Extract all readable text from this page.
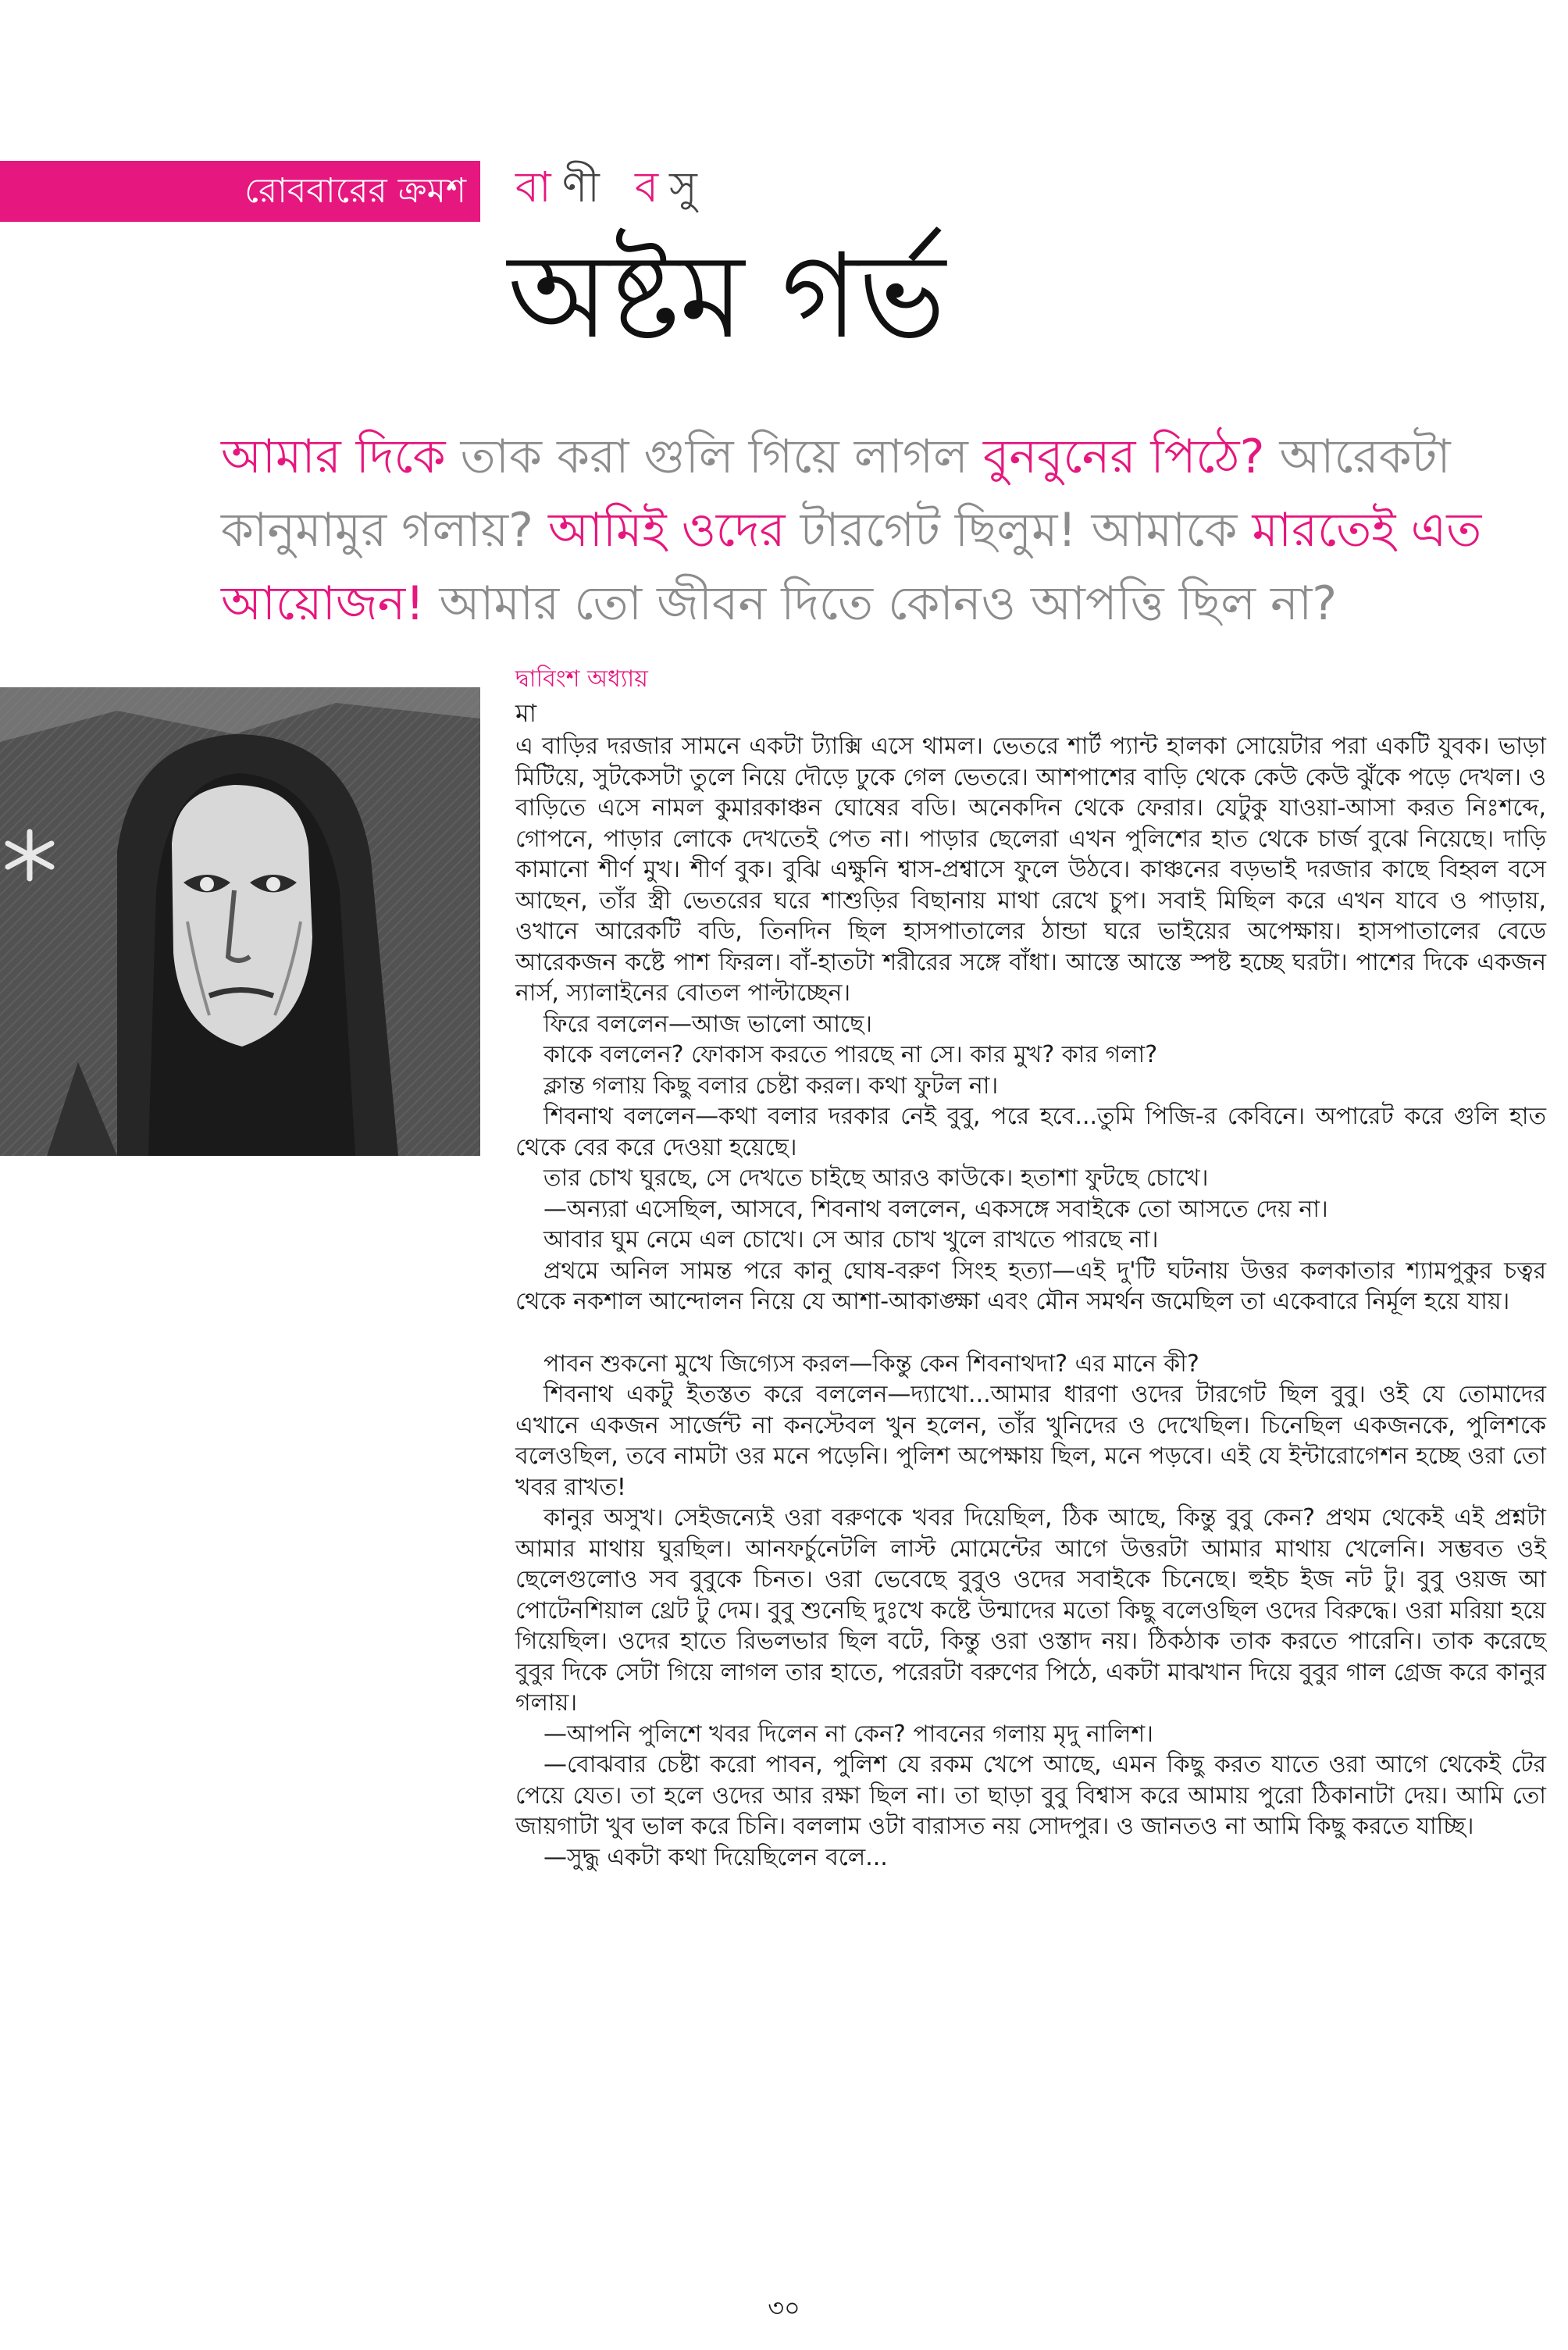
রোববারের ক্রমশ বাণী বসু
অষ্টম গর্ভ
আমার দিকে তাক করা গুলি গিয়ে লাগল বুনবুনের পিঠে? আরেকটা কানুমামুর গলায়? আমিই ওদের টারগেট ছিলুম! আমাকে মারতেই এত আয়োজন! আমার তো জীবন দিতে কোনও আপত্তি ছিল না?
দ্বাবিংশ অধ্যায়
মা

এ বাড়ির দরজার সামনে একটা ট্যাক্সি এসে থামল। ভেতরে শার্ট প্যান্ট হালকা সোয়েটার পরা একটি যুবক। ভাড়া মিটিয়ে, সুটকেসটা তুলে নিয়ে দৌড়ে ঢুকে গেল ভেতরে। আশপাশের বাড়ি থেকে কেউ কেউ ঝুঁকে পড়ে দেখল। ও বাড়িতে এসে নামল কুমারকাঞ্চন ঘোষের বডি। অনেকদিন থেকে ফেরার। যেটুকু যাওয়া-আসা করত নিঃশব্দে, গোপনে, পাড়ার লোকে দেখতেই পেত না। পাড়ার ছেলেরা এখন পুলিশের হাত থেকে চার্জ বুঝে নিয়েছে। দাড়ি কামানো শীর্ণ মুখ। শীর্ণ বুক। বুঝি এক্ষুনি শ্বাস-প্রশ্বাসে ফুলে উঠবে। কাঞ্চনের বড়ভাই দরজার কাছে বিহ্বল বসে আছেন, তাঁর স্ত্রী ভেতরের ঘরে শাশুড়ির বিছানায় মাথা রেখে চুপ। সবাই মিছিল করে এখন যাবে ও পাড়ায়, ওখানে আরেকটি বডি, তিনদিন ছিল হাসপাতালের ঠান্ডা ঘরে ভাইয়ের অপেক্ষায়। হাসপাতালের বেডে আরেকজন কষ্টে পাশ ফিরল। বাঁ-হাতটা শরীরের সঙ্গে বাঁধা। আস্তে আস্তে স্পষ্ট হচ্ছে ঘরটা। পাশের দিকে একজন নার্স, স্যালাইনের বোতল পাল্টাচ্ছেন।

ফিরে বললেন—আজ ভালো আছে।

কাকে বললেন? ফোকাস করতে পারছে না সে। কার মুখ? কার গলা?

ক্লান্ত গলায় কিছু বলার চেষ্টা করল। কথা ফুটল না।

শিবনাথ বললেন—কথা বলার দরকার নেই বুবু, পরে হবে...তুমি পিজি-র কেবিনে। অপারেট করে গুলি হাত থেকে বের করে দেওয়া হয়েছে।

তার চোখ ঘুরছে, সে দেখতে চাইছে আরও কাউকে। হতাশা ফুটছে চোখে।

—অন্যরা এসেছিল, আসবে, শিবনাথ বললেন, একসঙ্গে সবাইকে তো আসতে দেয় না।

আবার ঘুম নেমে এল চোখে। সে আর চোখ খুলে রাখতে পারছে না।

প্রথমে অনিল সামন্ত পরে কানু ঘোষ-বরুণ সিংহ হত্যা—এই দু'টি ঘটনায় উত্তর কলকাতার শ্যামপুকুর চত্বর থেকে নকশাল আন্দোলন নিয়ে যে আশা-আকাঙ্ক্ষা এবং মৌন সমর্থন জমেছিল তা একেবারে নির্মূল হয়ে যায়।

পাবন শুকনো মুখে জিগ্যেস করল—কিন্তু কেন শিবনাথদা? এর মানে কী?

শিবনাথ একটু ইতস্তত করে বললেন—দ্যাখো...আমার ধারণা ওদের টারগেট ছিল বুবু। ওই যে তোমাদের এখানে একজন সার্জেন্ট না কনস্টেবল খুন হলেন, তাঁর খুনিদের ও দেখেছিল। চিনেছিল একজনকে, পুলিশকে বলেওছিল, তবে নামটা ওর মনে পড়েনি। পুলিশ অপেক্ষায় ছিল, মনে পড়বে। এই যে ইন্টারোগেশন হচ্ছে ওরা তো খবর রাখত!

কানুর অসুখ। সেইজন্যেই ওরা বরুণকে খবর দিয়েছিল, ঠিক আছে, কিন্তু বুবু কেন? প্রথম থেকেই এই প্রশ্নটা আমার মাথায় ঘুরছিল। আনফর্চুনেটলি লাস্ট মোমেন্টের আগে উত্তরটা আমার মাথায় খেলেনি। সম্ভবত ওই ছেলেগুলোও সব বুবুকে চিনত। ওরা ভেবেছে বুবুও ওদের সবাইকে চিনেছে। হুইচ ইজ নট টু। বুবু ওয়জ আ পোটেনশিয়াল থ্রেট টু দেম। বুবু শুনেছি দুঃখে কষ্টে উন্মাদের মতো কিছু বলেওছিল ওদের বিরুদ্ধে। ওরা মরিয়া হয়ে গিয়েছিল। ওদের হাতে রিভলভার ছিল বটে, কিন্তু ওরা ওস্তাদ নয়। ঠিকঠাক তাক করতে পারেনি। তাক করেছে বুবুর দিকে সেটা গিয়ে লাগল তার হাতে, পরেরটা বরুণের পিঠে, একটা মাঝখান দিয়ে বুবুর গাল গ্রেজ করে কানুর গলায়।

—আপনি পুলিশে খবর দিলেন না কেন? পাবনের গলায় মৃদু নালিশ।

—বোঝবার চেষ্টা করো পাবন, পুলিশ যে রকম খেপে আছে, এমন কিছু করত যাতে ওরা আগে থেকেই টের পেয়ে যেত। তা হলে ওদের আর রক্ষা ছিল না। তা ছাড়া বুবু বিশ্বাস করে আমায় পুরো ঠিকানাটা দেয়। আমি তো জায়গাটা খুব ভাল করে চিনি। বললাম ওটা বারাসত নয় সোদপুর। ও জানতও না আমি কিছু করতে যাচ্ছি।

—সুদ্ধু একটা কথা দিয়েছিলেন বলে...

৩০
